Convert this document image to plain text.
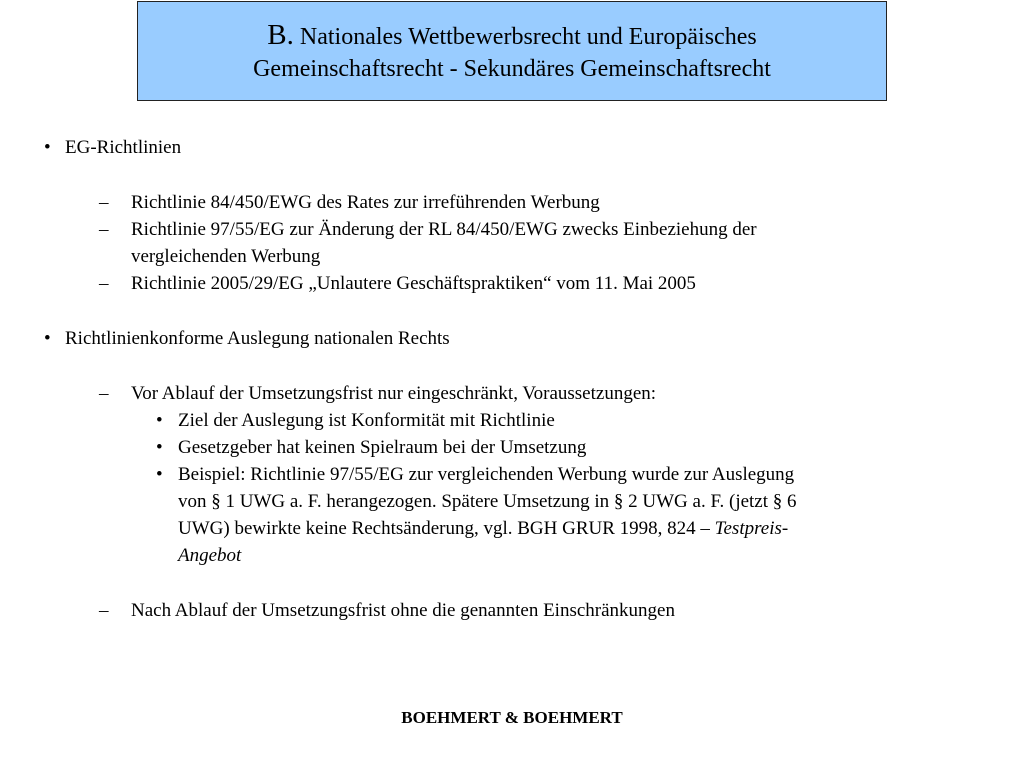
B. Nationales Wettbewerbsrecht und Europäisches
Gemeinschaftsrecht - Sekundäres Gemeinschaftsrecht
• EG-Richtlinien
– Richtlinie 84/450/EWG des Rates zur irreführenden Werbung
– Richtlinie 97/55/EG zur Änderung der RL 84/450/EWG zwecks Einbeziehung der
vergleichenden Werbung
– Richtlinie 2005/29/EG „Unlautere Geschäftspraktiken“ vom 11. Mai 2005
• Richtlinienkonforme Auslegung nationalen Rechts
– Vor Ablauf der Umsetzungsfrist nur eingeschränkt, Voraussetzungen:
• Ziel der Auslegung ist Konformität mit Richtlinie
• Gesetzgeber hat keinen Spielraum bei der Umsetzung
• Beispiel: Richtlinie 97/55/EG zur vergleichenden Werbung wurde zur Auslegung
von § 1 UWG a. F. herangezogen. Spätere Umsetzung in § 2 UWG a. F. (jetzt § 6
UWG) bewirkte keine Rechtsänderung, vgl. BGH GRUR 1998, 824 – Testpreis-
Angebot
– Nach Ablauf der Umsetzungsfrist ohne die genannten Einschränkungen
BOEHMERT & BOEHMERT
